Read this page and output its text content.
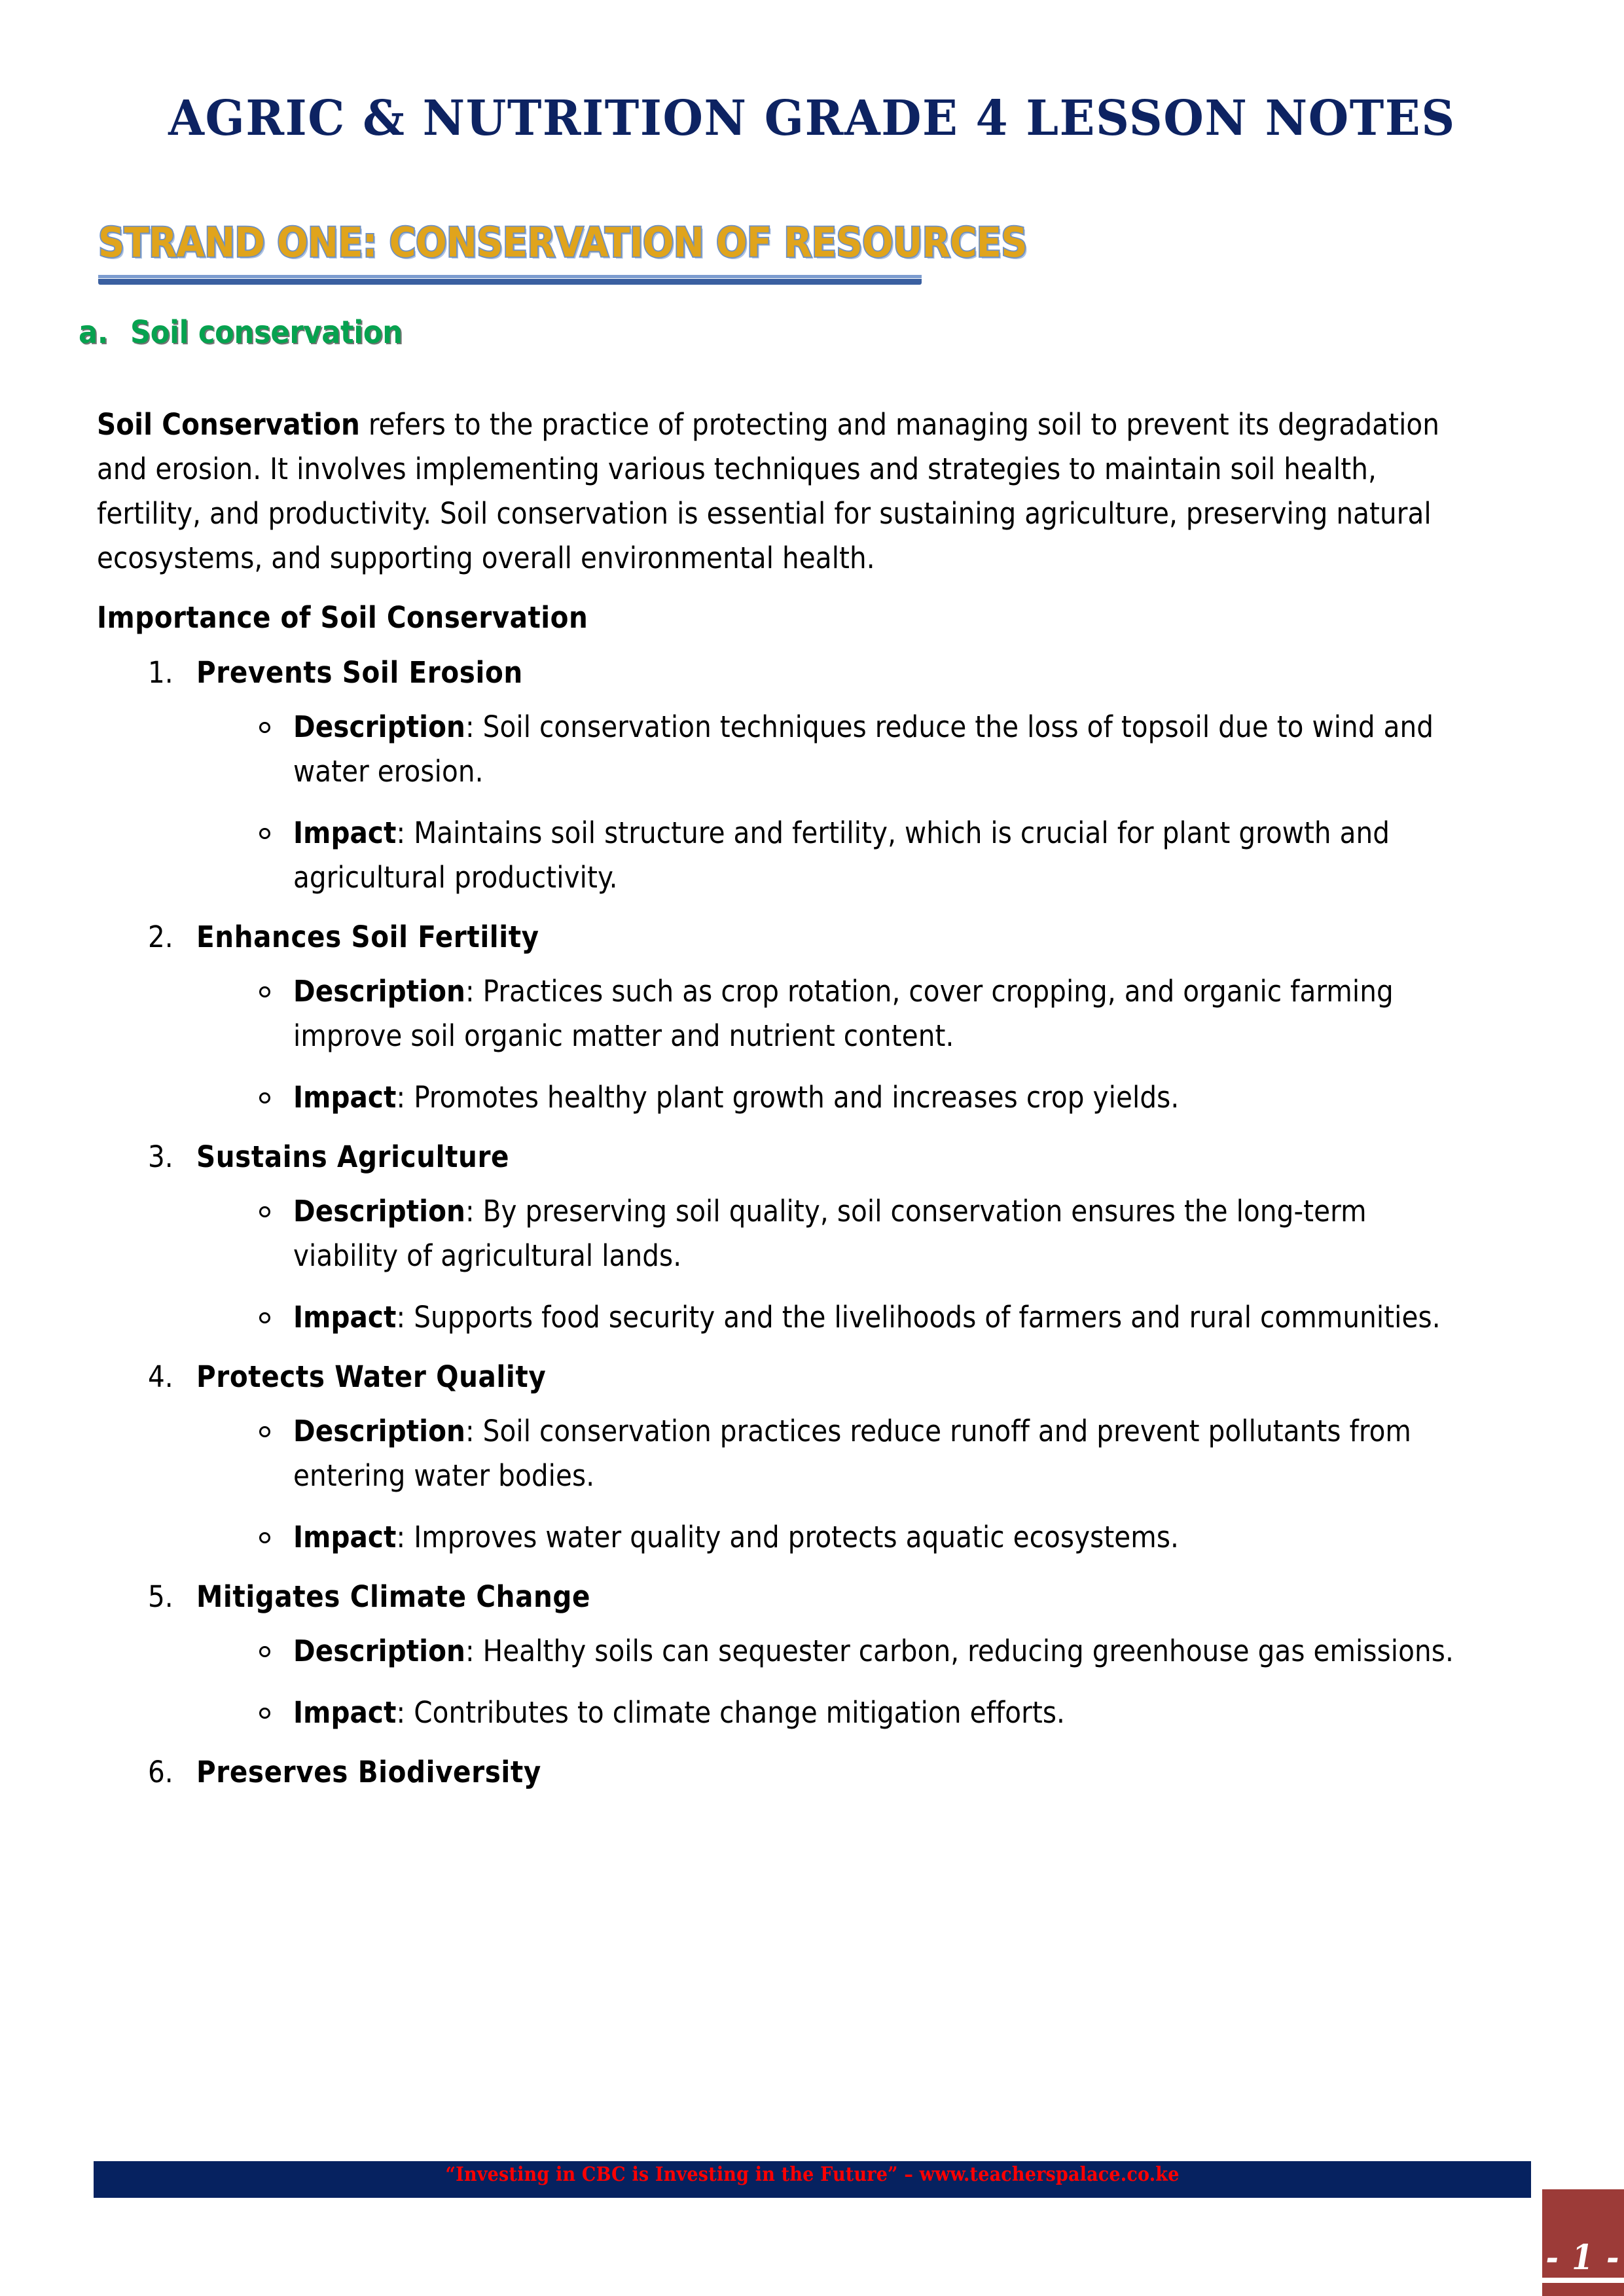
AGRIC & NUTRITION GRADE 4 LESSON NOTES
STRAND ONE: CONSERVATION OF RESOURCES
a. Soil conservation

Soil Conservation refers to the practice of protecting and managing soil to prevent its degradation and erosion. It involves implementing various techniques and strategies to maintain soil health, fertility, and productivity. Soil conservation is essential for sustaining agriculture, preserving natural ecosystems, and supporting overall environmental health.

Importance of Soil Conservation
1. Prevents Soil Erosion
Description: Soil conservation techniques reduce the loss of topsoil due to wind and water erosion.
Impact: Maintains soil structure and fertility, which is crucial for plant growth and agricultural productivity.
2. Enhances Soil Fertility
Description: Practices such as crop rotation, cover cropping, and organic farming improve soil organic matter and nutrient content.
Impact: Promotes healthy plant growth and increases crop yields.
3. Sustains Agriculture
Description: By preserving soil quality, soil conservation ensures the long-term viability of agricultural lands.
Impact: Supports food security and the livelihoods of farmers and rural communities.
4. Protects Water Quality
Description: Soil conservation practices reduce runoff and prevent pollutants from entering water bodies.
Impact: Improves water quality and protects aquatic ecosystems.
5. Mitigates Climate Change
Description: Healthy soils can sequester carbon, reducing greenhouse gas emissions.
Impact: Contributes to climate change mitigation efforts.
6. Preserves Biodiversity
“Investing in CBC is Investing in the Future” – www.teacherspalace.co.ke
- 1 -
